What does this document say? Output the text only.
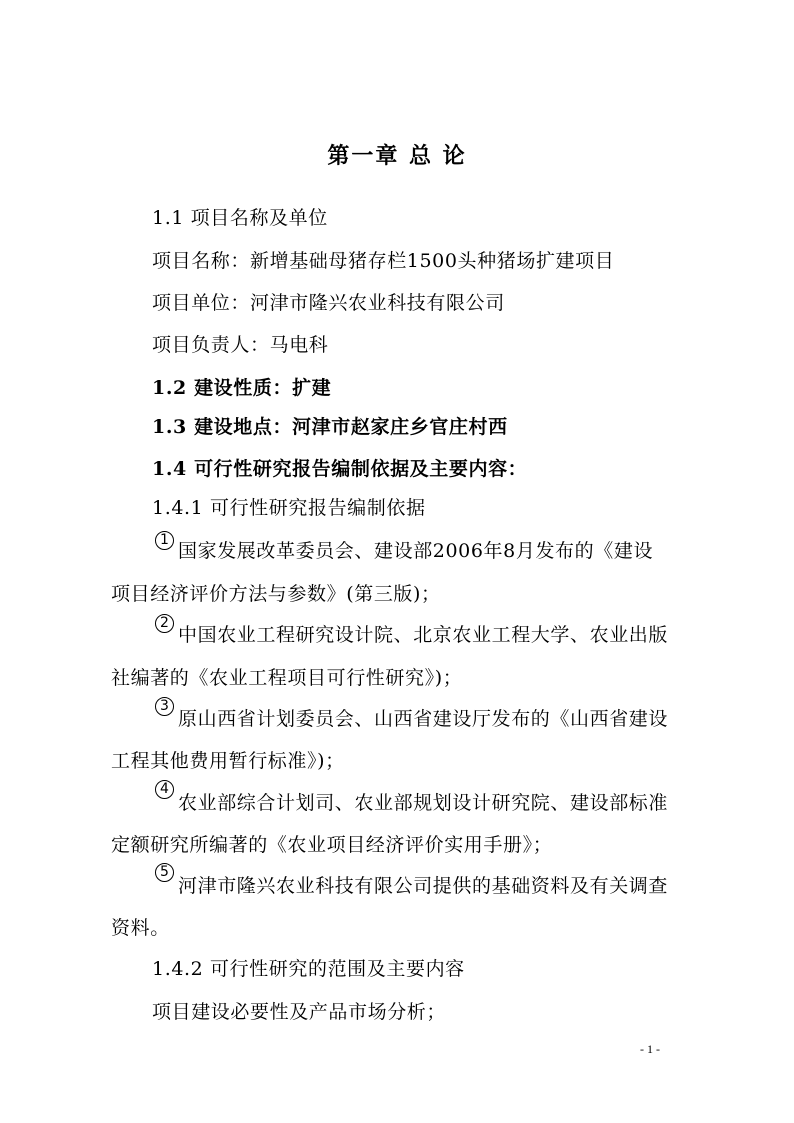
第一章 总 论
1.1 项目名称及单位
项目名称：新增基础母猪存栏1500头种猪场扩建项目
项目单位：河津市隆兴农业科技有限公司
项目负责人：马电科
1.2 建设性质：扩建
1.3 建设地点：河津市赵家庄乡官庄村西
1.4 可行性研究报告编制依据及主要内容：
1.4.1 可行性研究报告编制依据
1 国家发展改革委员会、建设部2006年8月发布的《建设
项目经济评价方法与参数》(第三版)；
2
中国农业工程研究设计院、北京农业工程大学、农业出版
社编著的《农业工程项目可行性研究》)；
3
原山西省计划委员会、山西省建设厅发布的《山西省建设
工程其他费用暂行标准》)；
4
农业部综合计划司、农业部规划设计研究院、建设部标准
定额研究所编著的《农业项目经济评价实用手册》；
5
河津市隆兴农业科技有限公司提供的基础资料及有关调查
资料。
1.4.2 可行性研究的范围及主要内容
项目建设必要性及产品市场分析；
- 1 -
